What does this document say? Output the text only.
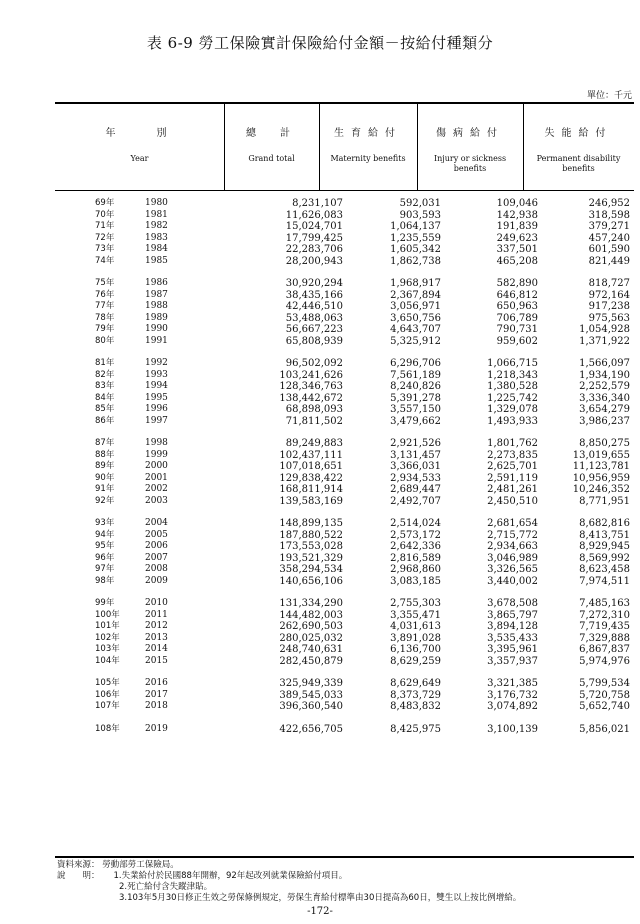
表 6-9 勞工保險實計保險給付金額－按給付種類分
單位：千元
年　　別
Year
總　計
Grand total
生育給付
Maternity benefits
傷病給付
Injury or sickness benefits
失能給付
Permanent disability benefits
69年	1980	8,231,107	592,031	109,046	246,952
70年	1981	11,626,083	903,593	142,938	318,598
71年	1982	15,024,701	1,064,137	191,839	379,271
72年	1983	17,799,425	1,235,559	249,623	457,240
73年	1984	22,283,706	1,605,342	337,501	601,590
74年	1985	28,200,943	1,862,738	465,208	821,449
75年	1986	30,920,294	1,968,917	582,890	818,727
76年	1987	38,435,166	2,367,894	646,812	972,164
77年	1988	42,446,510	3,056,971	650,963	917,238
78年	1989	53,488,063	3,650,756	706,789	975,563
79年	1990	56,667,223	4,643,707	790,731	1,054,928
80年	1991	65,808,939	5,325,912	959,602	1,371,922
81年	1992	96,502,092	6,296,706	1,066,715	1,566,097
82年	1993	103,241,626	7,561,189	1,218,343	1,934,190
83年	1994	128,346,763	8,240,826	1,380,528	2,252,579
84年	1995	138,442,672	5,391,278	1,225,742	3,336,340
85年	1996	68,898,093	3,557,150	1,329,078	3,654,279
86年	1997	71,811,502	3,479,662	1,493,933	3,986,237
87年	1998	89,249,883	2,921,526	1,801,762	8,850,275
88年	1999	102,437,111	3,131,457	2,273,835	13,019,655
89年	2000	107,018,651	3,366,031	2,625,701	11,123,781
90年	2001	129,838,422	2,934,533	2,591,119	10,956,959
91年	2002	168,811,914	2,689,447	2,481,261	10,246,352
92年	2003	139,583,169	2,492,707	2,450,510	8,771,951
93年	2004	148,899,135	2,514,024	2,681,654	8,682,816
94年	2005	187,880,522	2,573,172	2,715,772	8,413,751
95年	2006	173,553,028	2,642,336	2,934,663	8,929,945
96年	2007	193,521,329	2,816,589	3,046,989	8,569,992
97年	2008	358,294,534	2,968,860	3,326,565	8,623,458
98年	2009	140,656,106	3,083,185	3,440,002	7,974,511
99年	2010	131,334,290	2,755,303	3,678,508	7,485,163
100年	2011	144,482,003	3,355,471	3,865,797	7,272,310
101年	2012	262,690,503	4,031,613	3,894,128	7,719,435
102年	2013	280,025,032	3,891,028	3,535,433	7,329,888
103年	2014	248,740,631	6,136,700	3,395,961	6,867,837
104年	2015	282,450,879	8,629,259	3,357,937	5,974,976
105年	2016	325,949,339	8,629,649	3,321,385	5,799,534
106年	2017	389,545,033	8,373,729	3,176,732	5,720,758
107年	2018	396,360,540	8,483,832	3,074,892	5,652,740
108年	2019	422,656,705	8,425,975	3,100,139	5,856,021
資料來源： 勞動部勞工保險局。
說　　明： 1.失業給付於民國88年開辦，92年起改列就業保險給付項目。
2.死亡給付含失蹤津貼。
3.103年5月30日修正生效之勞保條例規定，勞保生育給付標準由30日提高為60日，雙生以上按比例增給。
-172-
